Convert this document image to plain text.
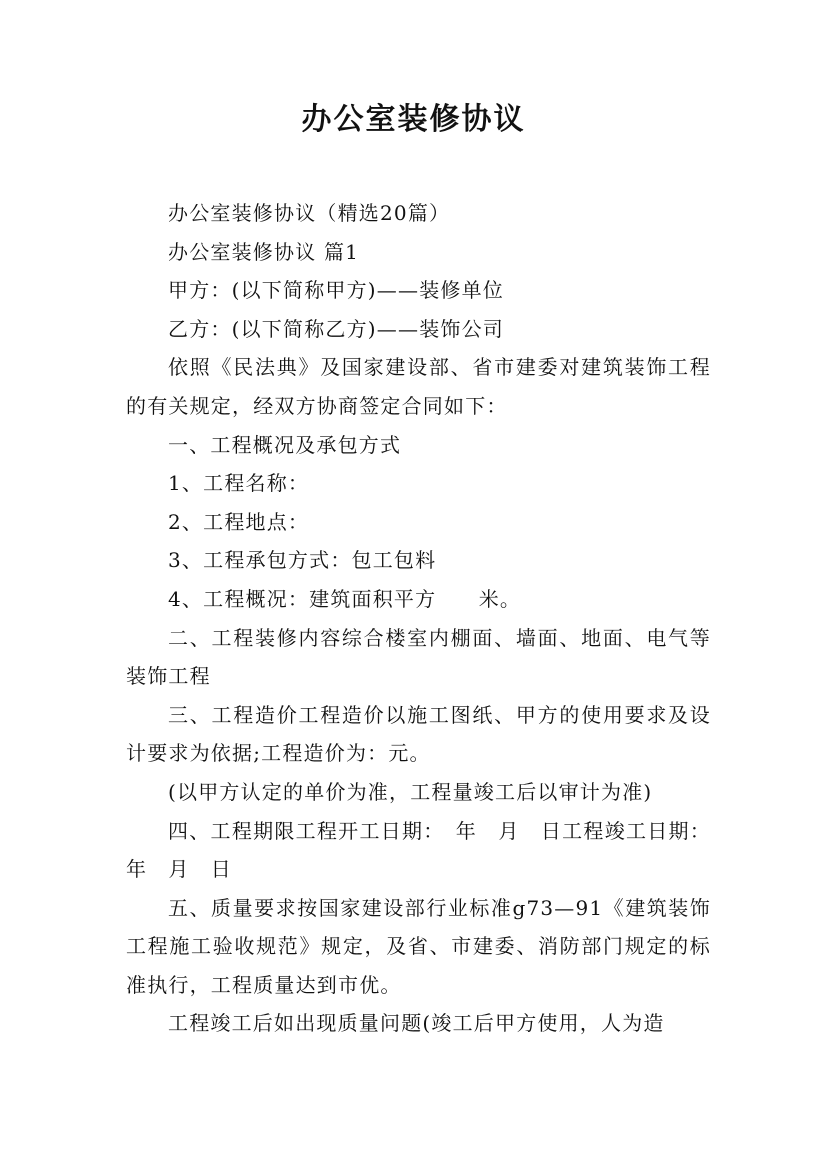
办公室装修协议

办公室装修协议（精选20篇）

办公室装修协议 篇1

甲方：(以下简称甲方)——装修单位

乙方：(以下简称乙方)——装饰公司

依照《民法典》及国家建设部、省市建委对建筑装饰工程的有关规定，经双方协商签定合同如下：

一、工程概况及承包方式

1、工程名称：

2、工程地点：

3、工程承包方式：包工包料

4、工程概况：建筑面积平方　　米。

二、工程装修内容综合楼室内棚面、墙面、地面、电气等装饰工程

三、工程造价工程造价以施工图纸、甲方的使用要求及设计要求为依据;工程造价为：元。

(以甲方认定的单价为准，工程量竣工后以审计为准)

四、工程期限工程开工日期：　年　月　日工程竣工日期：年　月　日

五、质量要求按国家建设部行业标准g73—91《建筑装饰工程施工验收规范》规定，及省、市建委、消防部门规定的标准执行，工程质量达到市优。

工程竣工后如出现质量问题(竣工后甲方使用，人为造
